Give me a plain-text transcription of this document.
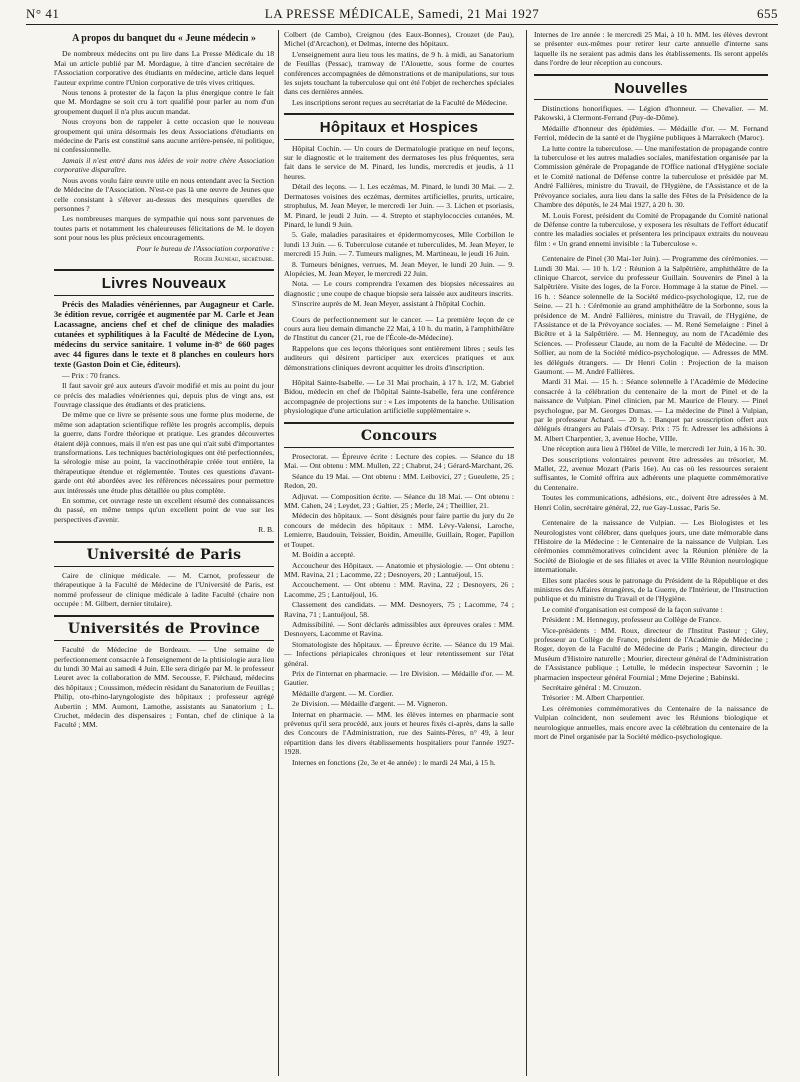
N° 41	LA PRESSE MÉDICALE, Samedi, 21 Mai 1927	655
A propos du banquet du « Jeune médecin »

De nombreux médecins ont pu lire dans La Presse Médicale du 18 Mai un article publié par M. Mordague, à titre d'ancien secrétaire de l'Association corporative des étudiants en médecine, article dans lequel l'auteur exprime contre l'Union corporative de très vives critiques.

Nous tenons à protester de la façon la plus énergique contre le fait que M. Mordagne se soit cru à tort qualifié pour parler au nom d'un groupement duquel il n'a plus aucun mandat.

Nous croyons bon de rappeler à cette occasion que le nouveau groupement qui unira désormais les deux Associations d'étudiants en médecine de Paris est constitué sans aucune arrière-pensée, ni politique, ni confessionnelle.

Jamais il n'est entré dans nos idées de voir notre chère Association corporative disparaître.

Nous avons voulu faire œuvre utile en nous entendant avec la Section de Médecine de l'Association. N'est-ce pas là une œuvre de Jeunes que celle consistant à s'élever au-dessus des mesquines querelles de personnes ?

Les nombreuses marques de sympathie qui nous sont parvenues de toutes parts et notamment les chaleureuses félicitations de M. le doyen sont pour nous les plus précieux encouragements.

Pour le bureau de l'Association corporative :

Roger Jauneau, secrétaire.

Livres Nouveaux

Précis des Maladies vénériennes, par Augagneur et Carle. 3e édition revue, corrigée et augmentée par M. Carle et Jean Lacassagne, anciens chef et chef de clinique des maladies cutanées et syphilitiques à la Faculté de Médecine de Lyon, médecins du service sanitaire. 1 volume in-8° de 660 pages avec 44 figures dans le texte et 8 planches en couleurs hors texte (Gaston Doin et Cie, éditeurs).

— Prix : 70 francs.

Il faut savoir gré aux auteurs d'avoir modifié et mis au point du jour ce précis des maladies vénériennes qui, depuis plus de vingt ans, est l'ouvrage classique des étudiants et des praticiens.

De même que ce livre se présente sous une forme plus moderne, de même son adaptation scientifique reflète les progrès accomplis, depuis la guerre, dans l'ordre théorique et pratique. Les grandes découvertes étaient déjà connues, mais il n'en est pas une qui n'ait subi d'importantes transformations. Les techniques bactériologiques ont été perfectionnées, la sérologie mise au point, la vaccinothérapie créée tout entière, la thérapeutique étendue et réglementée. Toutes ces questions d'avant-garde ont été abordées avec les références nécessaires pour permettre aux intéressés une étude plus détaillée ou plus complète.

En somme, cet ouvrage reste un excellent résumé des connaissances du passé, en même temps qu'un excellent point de vue sur les perspectives d'avenir.

R. B.

Université de Paris

Caire de clinique médicale. — M. Carnot, professeur de thérapeutique à la Faculté de Médecine de l'Université de Paris, est nommé professeur de clinique médicale à ladite Faculté (chaire non occupée : M. Gilbert, dernier titulaire).

Universités de Province

Faculté de Médecine de Bordeaux. — Une semaine de perfectionnement consacrée à l'enseignement de la phtisiologie aura lieu du lundi 30 Mai au samedi 4 Juin. Elle sera dirigée par M. le professeur Leuret avec la collaboration de MM. Secousse, F. Piéchaud, médecins des hôpitaux ; Coussimon, médecin résidant du Sanatorium de Feuillas ; Philip, oto-rhino-laryngologiste des hôpitaux ; professeur agrégé Aubertin ; MM. Aumont, Lamothe, assistants au Sanatorium ; L. Cruchet, médecin des dispensaires ; Fontan, chef de clinique à la Faculté ; MM.

Colbert (de Cambo), Creignou (des Eaux-Bonnes), Crouzet (de Pau), Michel (d'Arcachon), et Delmas, interne des hôpitaux.

L'enseignement aura lieu tous les matins, de 9 h. à midi, au Sanatorium de Feuillas (Pessac), tramway de l'Alouette, sous forme de courtes conférences accompagnées de démonstrations et de manipulations, sur tous les sujets touchant la tuberculose qui ont été l'objet de recherches spéciales dans ces dernières années.

Les inscriptions seront reçues au secrétariat de la Faculté de Médecine.

Hôpitaux et Hospices

Hôpital Cochin. — Un cours de Dermatologie pratique en neuf leçons, sur le diagnostic et le traitement des dermatoses les plus fréquentes, sera fait dans le service de M. Pinard, les lundis, mercredis et jeudis, à 11 heures.

Détail des leçons. — 1. Les eczémas, M. Pinard, le lundi 30 Mai. — 2. Dermatoses voisines des eczémas, dermites artificielles, prurits, urticaire, strophulus, M. Jean Meyer, le mercredi 1er Juin. — 3. Lichen et psoriasis, M. Pinard, le jeudi 2 Juin. — 4. Strepto et staphylococcies cutanées, M. Pinard, le lundi 9 Juin.

5. Gale, maladies parasitaires et épidermomycoses, Mlle Corbillon le lundi 13 Juin. — 6. Tuberculose cutanée et tuberculides, M. Jean Meyer, le mercredi 15 Juin. — 7. Tumeurs malignes, M. Martineau, le jeudi 16 Juin.

8. Tumeurs bénignes, verrues, M. Jean Meyer, le lundi 20 Juin. — 9. Alopécies, M. Jean Meyer, le mercredi 22 Juin.

Nota. — Le cours comprendra l'examen des biopsies nécessaires au diagnostic ; une coupe de chaque biopsie sera laissée aux auditeurs inscrits.

S'inscrire auprès de M. Jean Meyer, assistant à l'hôpital Cochin.

Cours de perfectionnement sur le cancer. — La première leçon de ce cours aura lieu demain dimanche 22 Mai, à 10 h. du matin, à l'amphithéâtre de l'Institut du cancer (21, rue de l'École-de-Médecine).

Rappelons que ces leçons théoriques sont entièrement libres ; seuls les auditeurs qui désirent participer aux exercices pratiques et aux démonstrations cliniques devront acquitter les droits d'inscription.

Hôpital Sainte-Isabelle. — Le 31 Mai prochain, à 17 h. 1/2, M. Gabriel Bidou, médecin en chef de l'hôpital Sainte-Isabelle, fera une conférence accompagnée de projections sur : « Les impotents de la hanche. Utilisation physiologique d'une articulation artificielle supplémentaire ».

Concours

Prosectorat. — Épreuve écrite : Lecture des copies. — Séance du 18 Mai. — Ont obtenu : MM. Mullen, 22 ; Chabrut, 24 ; Gérard-Marchant, 26.

Séance du 19 Mai. — Ont obtenu : MM. Leibovici, 27 ; Gueulette, 25 ; Redon, 20.

Adjuvat. — Composition écrite. — Séance du 18 Mai. — Ont obtenu : MM. Cahen, 24 ; Leydet, 23 ; Galtier, 25 ; Merle, 24 ; Theillier, 21.

Médecin des hôpitaux. — Sont désignés pour faire partie du jury du 2e concours de médecin des hôpitaux : MM. Lévy-Valensi, Laroche, Lemierre, Baudouin, Teissier, Boidin, Ameuille, Guillain, Roger, Papillon et Toupet.

M. Boidin a accepté.

Accoucheur des Hôpitaux. — Anatomie et physiologie. — Ont obtenu : MM. Ravina, 21 ; Lacomme, 22 ; Desnoyers, 20 ; Lantuéjoul, 15.

Accouchement. — Ont obtenu : MM. Ravina, 22 ; Desnoyers, 26 ; Lacomme, 25 ; Lantuéjoul, 16.

Classement des candidats. — MM. Desnoyers, 75 ; Lacomme, 74 ; Ravina, 71 ; Lantuéjoul, 58.

Admissibilité. — Sont déclarés admissibles aux épreuves orales : MM. Desnoyers, Lacomme et Ravina.

Stomatologiste des hôpitaux. — Épreuve écrite. — Séance du 19 Mai. — Infections périapicales chroniques et leur retentissement sur l'état général.

Prix de l'internat en pharmacie. — 1re Division. — Médaille d'or. — M. Gautier.

Médaille d'argent. — M. Cordier.

2e Division. — Médaille d'argent. — M. Vigneron.

Internat en pharmacie. — MM. les élèves internes en pharmacie sont prévenus qu'il sera procédé, aux jours et heures fixés ci-après, dans la salle des Concours de l'Administration, rue des Saints-Pères, n° 49, à leur répartition dans les divers établissements hospitaliers pour l'année 1927-1928.

Internes en fonctions (2e, 3e et 4e année) : le mardi 24 Mai, à 15 h.

Internes de 1re année : le mercredi 25 Mai, à 10 h. MM. les élèves devront se présenter eux-mêmes pour retirer leur carte annuelle d'interne sans laquelle ils ne seraient pas admis dans les établissements. Ils seront appelés dans l'ordre de leur réception au concours.

Nouvelles

Distinctions honorifiques. — Légion d'honneur. — Chevalier. — M. Pakowski, à Clermont-Ferrand (Puy-de-Dôme).

Médaille d'honneur des épidémies. — Médaille d'or. — M. Fernand Ferriol, médecin de la santé et de l'hygiène publiques à Marrakech (Maroc).

La lutte contre la tuberculose. — Une manifestation de propagande contre la tuberculose et les autres maladies sociales, manifestation organisée par la Commission générale de Propagande de l'Office national d'Hygiène sociale et le Comité national de Défense contre la tuberculose et présidée par M. André Fallières, ministre du Travail, de l'Hygiène, de l'Assistance et de la Prévoyance sociales, aura lieu dans la salle des Fêtes de la Présidence de la Chambre des députés, le 24 Mai 1927, à 20 h. 30.

M. Louis Forest, président du Comité de Propagande du Comité national de Défense contre la tuberculose, y exposera les résultats de l'effort éducatif contre les maladies sociales et présentera les principaux extraits du nouveau film : « Un grand ennemi invisible : la Tuberculose ».

Centenaire de Pinel (30 Mai-1er Juin). — Programme des cérémonies. — Lundi 30 Mai. — 10 h. 1/2 : Réunion à la Salpêtrière, amphithéâtre de la clinique Charcot, service du professeur Guillain. Souvenirs de Pinel à la Salpêtrière. Visite des loges, de la Force. Hommage à la statue de Pinel. — 16 h. : Séance solennelle de la Société médico-psychologique, 12, rue de Seine. — 21 h. : Cérémonie au grand amphithéâtre de la Sorbonne, sous la présidence de M. André Fallières, ministre du Travail, de l'Hygiène, de l'Assistance et de la Prévoyance sociales. — M. René Semelaigne : Pinel à Bicêtre et à la Salpêtrière. — M. Henneguy, au nom de l'Académie des Sciences. — Professeur Claude, au nom de la Faculté de Médecine. — Dr Sollier, au nom de la Société médico-psychologique. — Adresses de MM. les délégués étrangers. — Dr Henri Colin : Projection de la maison Gaumont. — M. André Fallières.

Mardi 31 Mai. — 15 h. : Séance solennelle à l'Académie de Médecine consacrée à la célébration du centenaire de la mort de Pinel et de la naissance de Vulpian. Pinel clinicien, par M. Maurice de Fleury. — Pinel psychologue, par M. Georges Dumas. — La médecine de Pinel à Vulpian, par le professeur Achard. — 20 h. : Banquet par souscription offert aux délégués étrangers au Palais d'Orsay. Prix : 75 fr. Adresser les adhésions à M. Albert Charpentier, 3, avenue Hoche, VIIIe.

Une réception aura lieu à l'Hôtel de Ville, le mercredi 1er Juin, à 16 h. 30.

Des souscriptions volontaires peuvent être adressées au trésorier, M. Mallet, 22, avenue Mozart (Paris 16e). Au cas où les ressources seraient suffisantes, le Comité offrira aux adhérents une plaquette commémorative du Centenaire.

Toutes les communications, adhésions, etc., doivent être adressées à M. Henri Colin, secrétaire général, 22, rue Gay-Lussac, Paris 5e.

Centenaire de la naissance de Vulpian. — Les Biologistes et les Neurologistes vont célébrer, dans quelques jours, une date mémorable dans l'Histoire de la Médecine : le Centenaire de la naissance de Vulpian. Les cérémonies commémoratives coïncident avec la Réunion plénière de la Société de Biologie et de ses filiales et avec la VIIIe Réunion neurologique internationale.

Elles sont placées sous le patronage du Président de la République et des ministres des Affaires étrangères, de la Guerre, de l'Intérieur, de l'Instruction publique et du ministre du Travail et de l'Hygiène.

Le comité d'organisation est composé de la façon suivante :

Président : M. Henneguy, professeur au Collège de France.

Vice-présidents : MM. Roux, directeur de l'Institut Pasteur ; Gley, professeur au Collège de France, président de l'Académie de Médecine ; Roger, doyen de la Faculté de Médecine de Paris ; Mangin, directeur du Muséum d'Histoire naturelle ; Mourier, directeur général de l'Administration de l'Assistance publique ; Letulle, le médecin inspecteur Savornin ; le pharmacien inspecteur général Fournial ; Mme Dejerine ; Babinski.

Secrétaire général : M. Crouzon.

Trésorier : M. Albert Charpentier.

Les cérémonies commémoratives du Centenaire de la naissance de Vulpian coïncident, non seulement avec les Réunions biologique et neurologique annuelles, mais encore avec la célébration du centenaire de la mort de Pinel organisée par la Société médico-psychologique.
